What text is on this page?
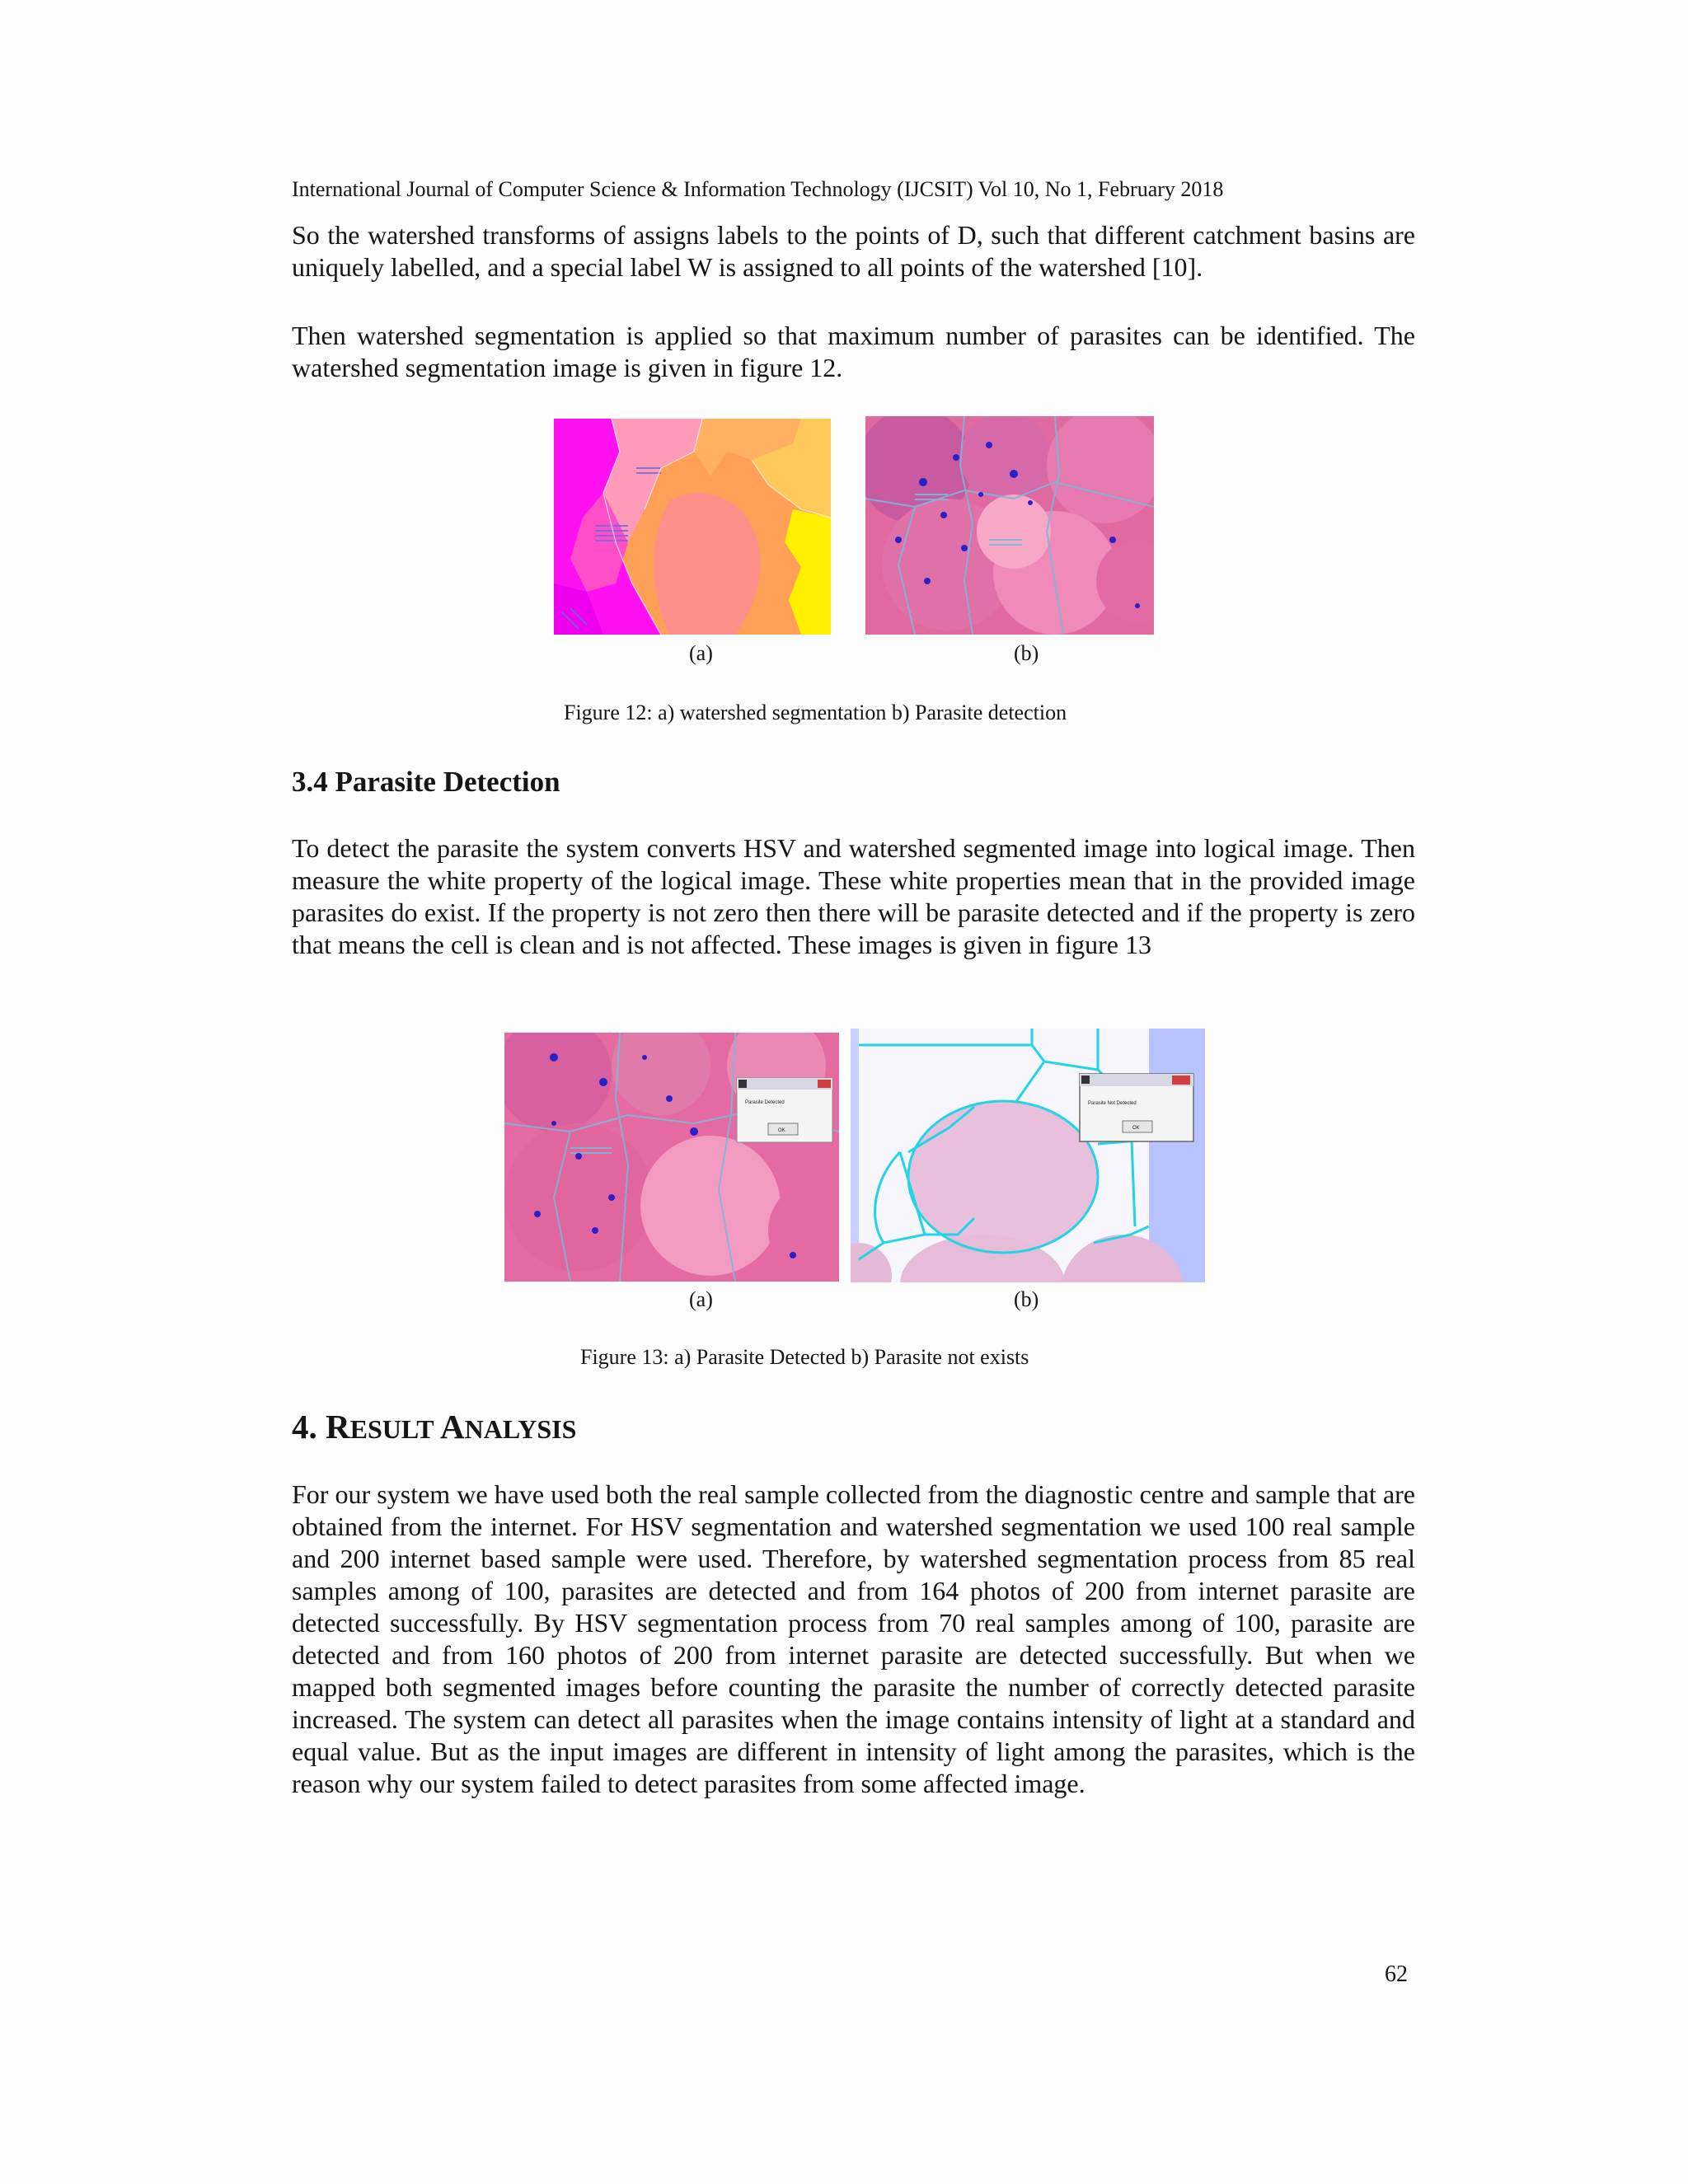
International Journal of Computer Science & Information Technology (IJCSIT) Vol 10, No 1, February 2018

So the watershed transforms of assigns labels to the points of D, such that different catchment basins are uniquely labelled, and a special label W is assigned to all points of the watershed [10].

Then watershed segmentation is applied so that maximum number of parasites can be identified. The watershed segmentation image is given in figure 12.

(a)	(b)
Figure 12: a) watershed segmentation b) Parasite detection
3.4 Parasite Detection

To detect the parasite the system converts HSV and watershed segmented image into logical image. Then measure the white property of the logical image. These white properties mean that in the provided image parasites do exist. If the property is not zero then there will be parasite detected and if the property is zero that means the cell is clean and is not affected. These images is given in figure 13

Parasite Detected
OK
Parasite Not Detected
OK
(a)	(b)
Figure 13: a) Parasite Detected b) Parasite not exists
4. RESULT ANALYSIS

For our system we have used both the real sample collected from the diagnostic centre and sample that are obtained from the internet. For HSV segmentation and watershed segmentation we used 100 real sample and 200 internet based sample were used. Therefore, by watershed segmentation process from 85 real samples among of 100, parasites are detected and from 164 photos of 200 from internet parasite are detected successfully. By HSV segmentation process from 70 real samples among of 100, parasite are detected and from 160 photos of 200 from internet parasite are detected successfully. But when we mapped both segmented images before counting the parasite the number of correctly detected parasite increased. The system can detect all parasites when the image contains intensity of light at a standard and equal value. But as the input images are different in intensity of light among the parasites, which is the reason why our system failed to detect parasites from some affected image.

62
